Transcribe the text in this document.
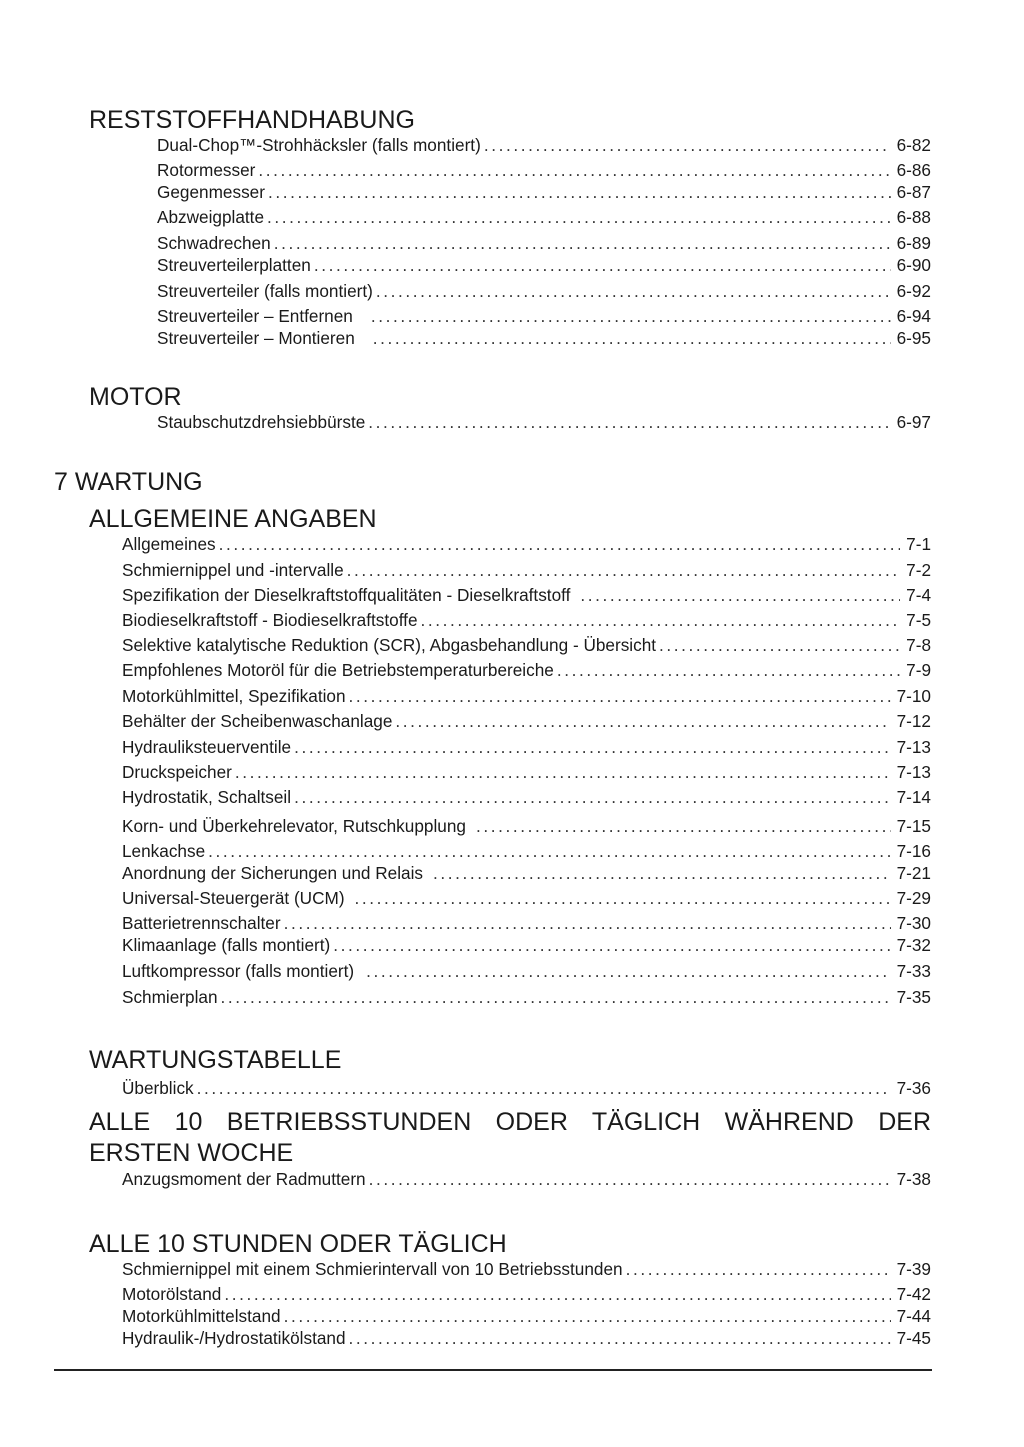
RESTSTOFFHANDHABUNG
Dual-Chop™-Strohhäcksler (falls montiert) .....	6-82
Rotormesser .....	6-86
Gegenmesser .....	6-87
Abzweigplatte .....	6-88
Schwadrechen .....	6-89
Streuverteilerplatten .....	6-90
Streuverteiler (falls montiert) .....	6-92
Streuverteiler – Entfernen .....	6-94
Streuverteiler – Montieren .....	6-95
MOTOR
Staubschutzdrehsiebbürste .....	6-97
7 WARTUNG
ALLGEMEINE ANGABEN
Allgemeines .....	7-1
Schmiernippel und -intervalle .....	7-2
Spezifikation der Dieselkraftstoffqualitäten - Dieselkraftstoff .....	7-4
Biodieselkraftstoff - Biodieselkraftstoffe .....	7-5
Selektive katalytische Reduktion (SCR), Abgasbehandlung - Übersicht .....	7-8
Empfohlenes Motoröl für die Betriebstemperaturbereiche .....	7-9
Motorkühlmittel, Spezifikation .....	7-10
Behälter der Scheibenwaschanlage .....	7-12
Hydrauliksteuerventile .....	7-13
Druckspeicher .....	7-13
Hydrostatik, Schaltseil .....	7-14
Korn- und Überkehrelevator, Rutschkupplung .....	7-15
Lenkachse .....	7-16
Anordnung der Sicherungen und Relais .....	7-21
Universal-Steuergerät (UCM) .....	7-29
Batterietrennschalter .....	7-30
Klimaanlage (falls montiert) .....	7-32
Luftkompressor (falls montiert) .....	7-33
Schmierplan .....	7-35
WARTUNGSTABELLE
Überblick .....	7-36
ALLE 10 BETRIEBSSTUNDEN ODER TÄGLICH WÄHREND DER ERSTEN WOCHE
Anzugsmoment der Radmuttern .....	7-38
ALLE 10 STUNDEN ODER TÄGLICH
Schmiernippel mit einem Schmierintervall von 10 Betriebsstunden .....	7-39
Motorölstand .....	7-42
Motorkühlmittelstand .....	7-44
Hydraulik-/Hydrostatikölstand .....	7-45
